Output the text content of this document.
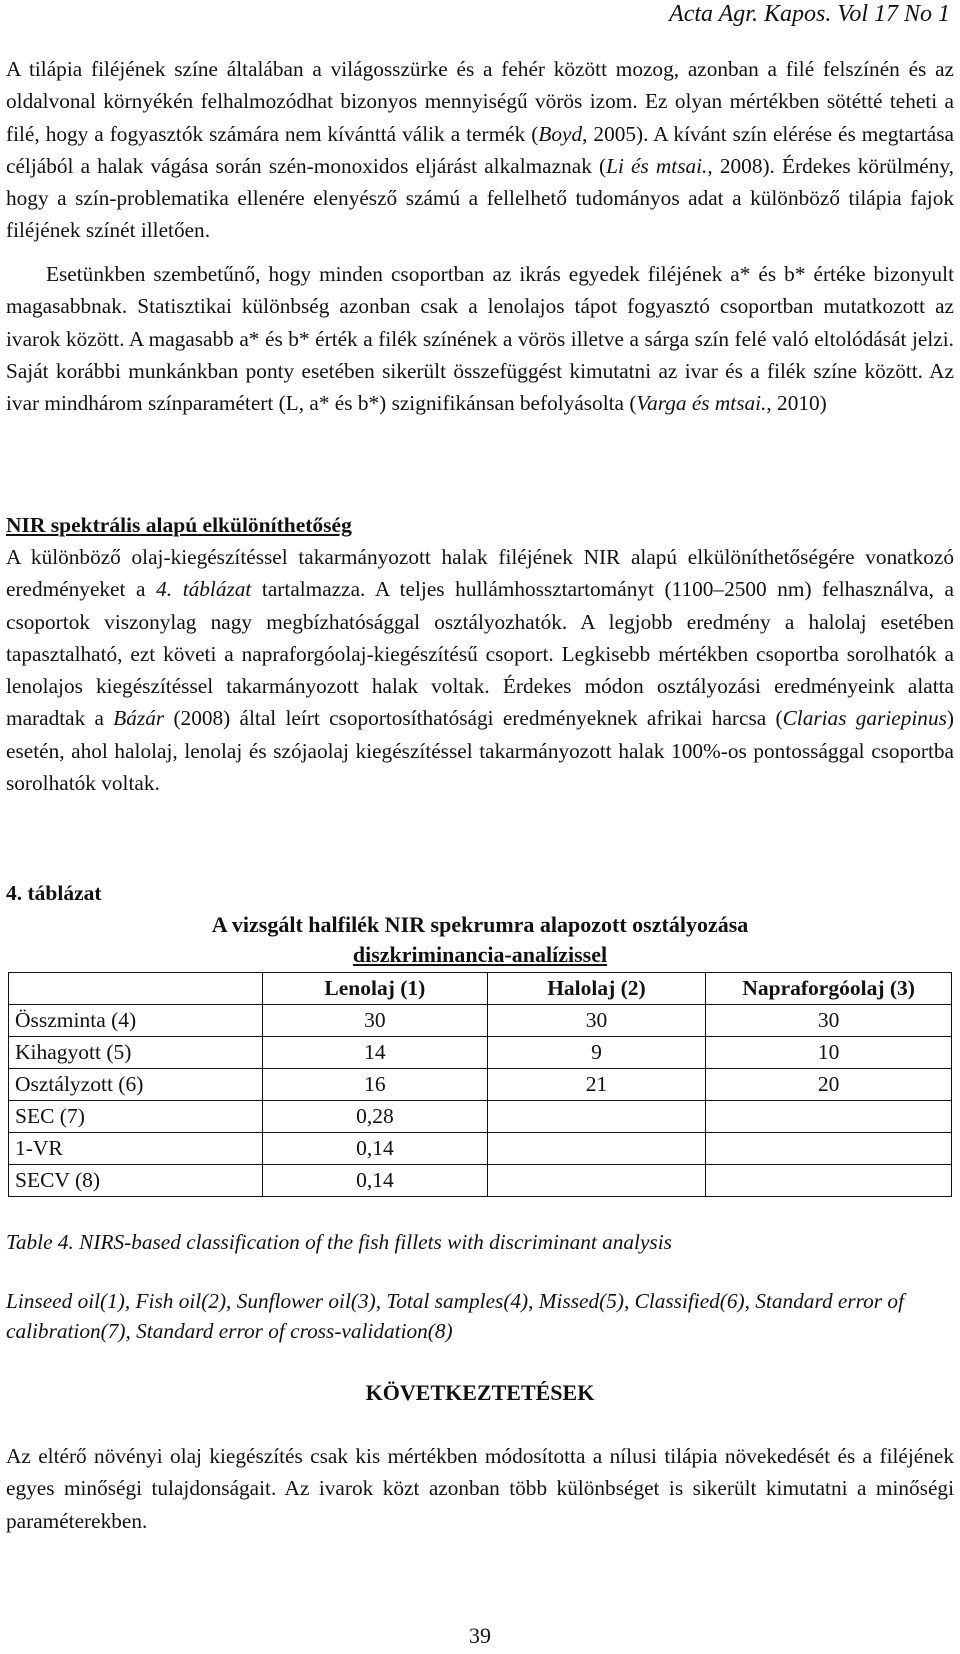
Acta Agr. Kapos. Vol 17 No 1

A tilápia filéjének színe általában a világosszürke és a fehér között mozog, azonban a filé felszínén és az oldalvonal környékén felhalmozódhat bizonyos mennyiségű vörös izom. Ez olyan mértékben sötétté teheti a filé, hogy a fogyasztók számára nem kívánttá válik a termék (Boyd, 2005). A kívánt szín elérése és megtartása céljából a halak vágása során szén-monoxidos eljárást alkalmaznak (Li és mtsai., 2008). Érdekes körülmény, hogy a szín-problematika ellenére elenyésző számú a fellelhető tudományos adat a különböző tilápia fajok filéjének színét illetően.

Esetünkben szembetűnő, hogy minden csoportban az ikrás egyedek filéjének a* és b* értéke bizonyult magasabbnak. Statisztikai különbség azonban csak a lenolajos tápot fogyasztó csoportban mutatkozott az ivarok között. A magasabb a* és b* érték a filék színének a vörös illetve a sárga szín felé való eltolódását jelzi. Saját korábbi munkánkban ponty esetében sikerült összefüggést kimutatni az ivar és a filék színe között. Az ivar mindhárom színparamétert (L, a* és b*) szignifikánsan befolyásolta (Varga és mtsai., 2010)

NIR spektrális alapú elkülöníthetőség

A különböző olaj-kiegészítéssel takarmányozott halak filéjének NIR alapú elkülöníthetőségére vonatkozó eredményeket a 4. táblázat tartalmazza. A teljes hullámhossztartományt (1100–2500 nm) felhasználva, a csoportok viszonylag nagy megbízhatósággal osztályozhatók. A legjobb eredmény a halolaj esetében tapasztalható, ezt követi a napraforgóolaj-kiegészítésű csoport. Legkisebb mértékben csoportba sorolhatók a lenolajos kiegészítéssel takarmányozott halak voltak. Érdekes módon osztályozási eredményeink alatta maradtak a Bázár (2008) által leírt csoportosíthatósági eredményeknek afrikai harcsa (Clarias gariepinus) esetén, ahol halolaj, lenolaj és szójaolaj kiegészítéssel takarmányozott halak 100%-os pontossággal csoportba sorolhatók voltak.

4. táblázat
A vizsgált halfilék NIR spekrumra alapozott osztályozása
diszkriminancia-analízissel
	Lenolaj (1)	Halolaj (2)	Napraforgóolaj (3)
Összminta (4)	30	30	30
Kihagyott (5)	14	9	10
Osztályzott (6)	16	21	20
SEC (7)	0,28		
1-VR	0,14		
SECV (8)	0,14		

Table 4. NIRS-based classification of the fish fillets with discriminant analysis

Linseed oil(1), Fish oil(2), Sunflower oil(3), Total samples(4), Missed(5), Classified(6), Standard error of calibration(7), Standard error of cross-validation(8)

KÖVETKEZTETÉSEK

Az eltérő növényi olaj kiegészítés csak kis mértékben módosította a nílusi tilápia növekedését és a filéjének egyes minőségi tulajdonságait. Az ivarok közt azonban több különbséget is sikerült kimutatni a minőségi paraméterekben.

39
